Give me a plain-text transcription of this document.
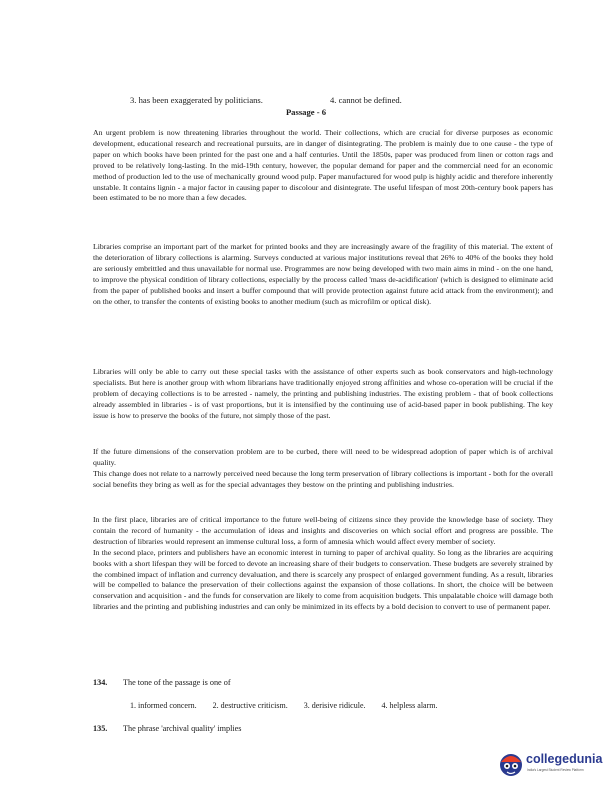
3. has been exaggerated by politicians.	4. cannot be defined.
Passage - 6

An urgent problem is now threatening libraries throughout the world. Their collections, which are crucial for diverse purposes as economic development, educational research and recreational pursuits, are in danger of disintegrating. The problem is mainly due to one cause - the type of paper on which books have been printed for the past one and a half centuries. Until the 1850s, paper was produced from linen or cotton rags and proved to be relatively long-lasting. In the mid-19th century, however, the popular demand for paper and the commercial need for an economic method of production led to the use of mechanically ground wood pulp. Paper manufactured for wood pulp is highly acidic and therefore inherently unstable. It contains lignin - a major factor in causing paper to discolour and disintegrate. The useful lifespan of most 20th-century book papers has been estimated to be no more than a few decades.

Libraries comprise an important part of the market for printed books and they are increasingly aware of the fragility of this material. The extent of the deterioration of library collections is alarming. Surveys conducted at various major institutions reveal that 26% to 40% of the books they hold are seriously embrittled and thus unavailable for normal use. Programmes are now being developed with two main aims in mind - on the one hand, to improve the physical condition of library collections, especially by the process called 'mass de-acidification' (which is designed to eliminate acid from the paper of published books and insert a buffer compound that will provide protection against future acid attack from the environment); and on the other, to transfer the contents of existing books to another medium (such as microfilm or optical disk).

Libraries will only be able to carry out these special tasks with the assistance of other experts such as book conservators and high-technology specialists. But here is another group with whom librarians have traditionally enjoyed strong affinities and whose co-operation will be crucial if the problem of decaying collections is to be arrested - namely, the printing and publishing industries. The existing problem - that of book collections already assembled in libraries - is of vast proportions, but it is intensified by the continuing use of acid-based paper in book publishing. The key issue is how to preserve the books of the future, not simply those of the past.

If the future dimensions of the conservation problem are to be curbed, there will need to be widespread adoption of paper which is of archival quality.

This change does not relate to a narrowly perceived need because the long term preservation of library collections is important - both for the overall social benefits they bring as well as for the special advantages they bestow on the printing and publishing industries.

In the first place, libraries are of critical importance to the future well-being of citizens since they provide the knowledge base of society. They contain the record of humanity - the accumulation of ideas and insights and discoveries on which social effort and progress are possible. The destruction of libraries would represent an immense cultural loss, a form of amnesia which would affect every member of society.

In the second place, printers and publishers have an economic interest in turning to paper of archival quality. So long as the libraries are acquiring books with a short lifespan they will be forced to devote an increasing share of their budgets to conservation. These budgets are severely strained by the combined impact of inflation and currency devaluation, and there is scarcely any prospect of enlarged government funding. As a result, libraries will be compelled to balance the preservation of their collections against the expansion of those collations. In short, the choice will be between conservation and acquisition - and the funds for conservation are likely to come from acquisition budgets. This unpalatable choice will damage both libraries and the printing and publishing industries and can only be minimized in its effects by a bold decision to convert to use of permanent paper.

134. The tone of the passage is one of
1. informed concern. 2. destructive criticism. 3. derisive ridicule. 4. helpless alarm.
135. The phrase 'archival quality' implies
collegedunia
India's Largest Student Review Platform
